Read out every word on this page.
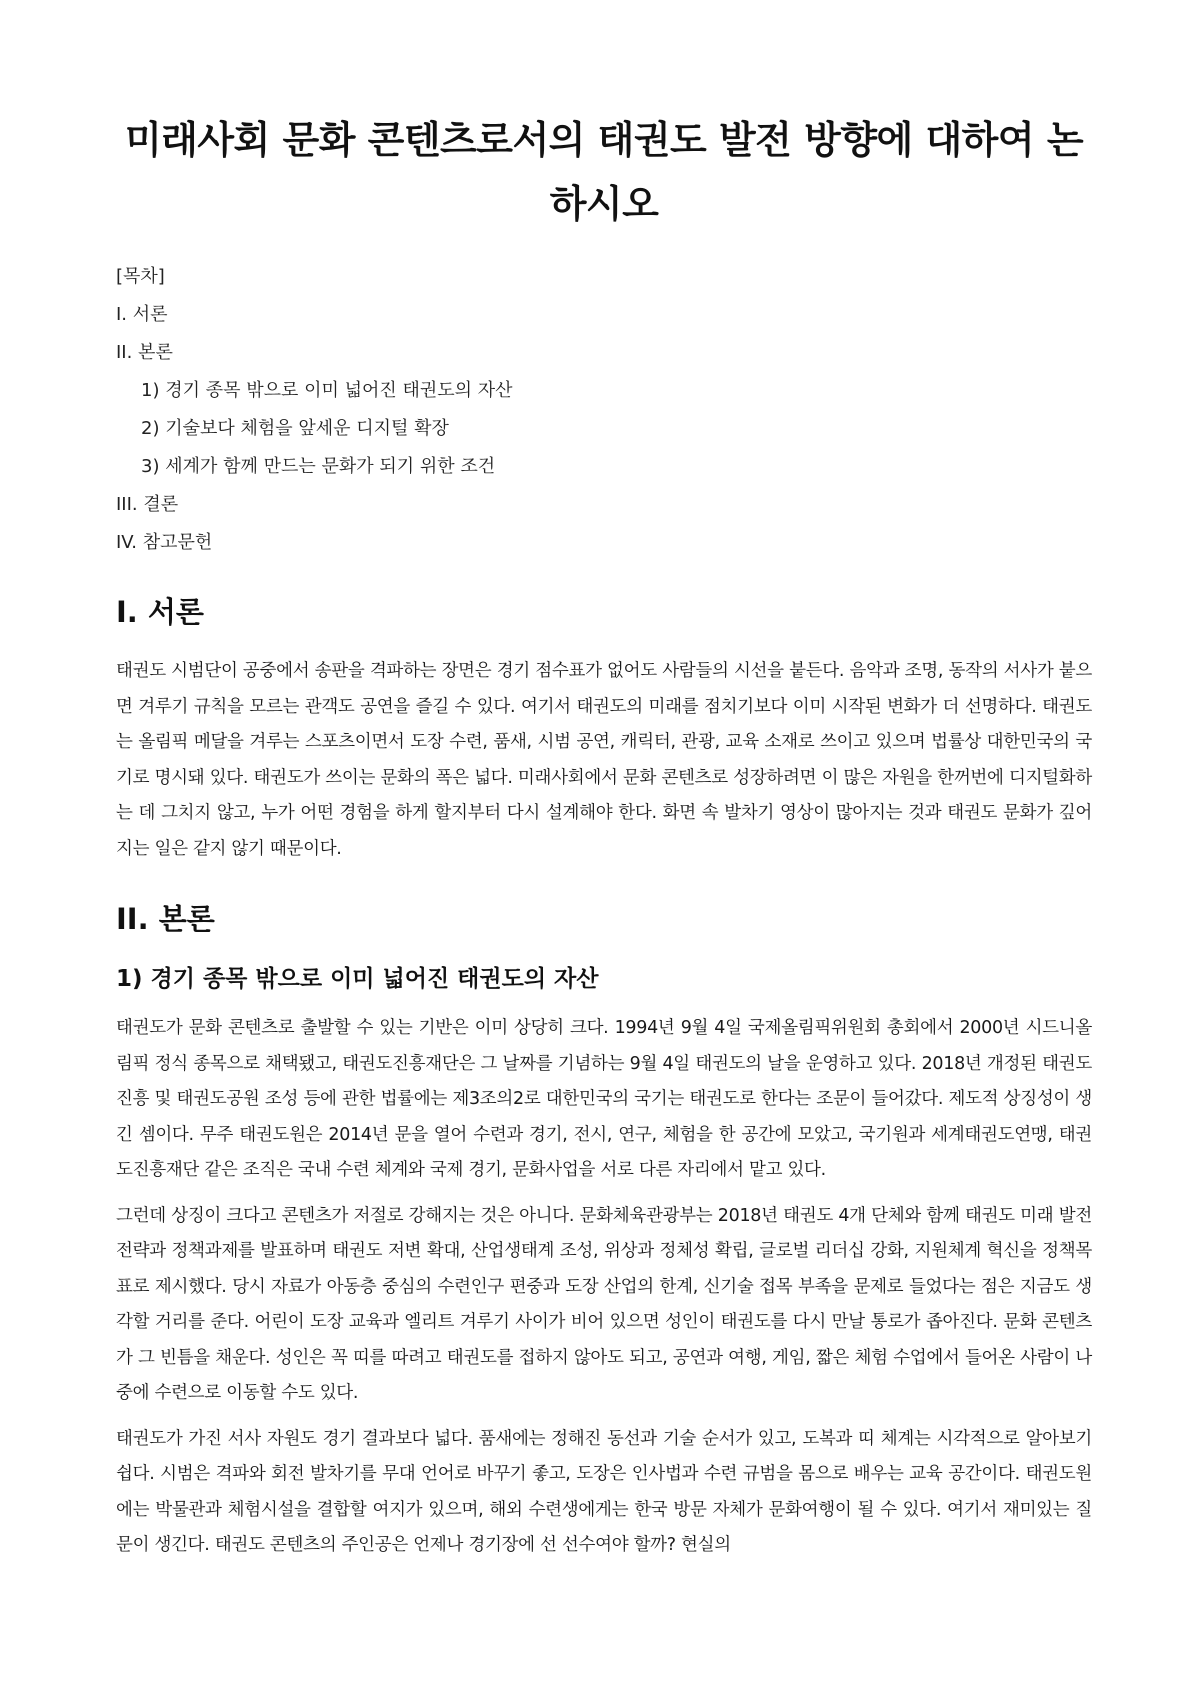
미래사회 문화 콘텐츠로서의 태권도 발전 방향에 대하여 논하시오
[목차]
I. 서론
II. 본론
1) 경기 종목 밖으로 이미 넓어진 태권도의 자산
2) 기술보다 체험을 앞세운 디지털 확장
3) 세계가 함께 만드는 문화가 되기 위한 조건
III. 결론
IV. 참고문헌
I. 서론

태권도 시범단이 공중에서 송판을 격파하는 장면은 경기 점수표가 없어도 사람들의 시선을 붙든다. 음악과 조명, 동작의 서사가 붙으면 겨루기 규칙을 모르는 관객도 공연을 즐길 수 있다. 여기서 태권도의 미래를 점치기보다 이미 시작된 변화가 더 선명하다. 태권도는 올림픽 메달을 겨루는 스포츠이면서 도장 수련, 품새, 시범 공연, 캐릭터, 관광, 교육 소재로 쓰이고 있으며 법률상 대한민국의 국기로 명시돼 있다. 태권도가 쓰이는 문화의 폭은 넓다. 미래사회에서 문화 콘텐츠로 성장하려면 이 많은 자원을 한꺼번에 디지털화하는 데 그치지 않고, 누가 어떤 경험을 하게 할지부터 다시 설계해야 한다. 화면 속 발차기 영상이 많아지는 것과 태권도 문화가 깊어지는 일은 같지 않기 때문이다.

II. 본론
1) 경기 종목 밖으로 이미 넓어진 태권도의 자산

태권도가 문화 콘텐츠로 출발할 수 있는 기반은 이미 상당히 크다. 1994년 9월 4일 국제올림픽위원회 총회에서 2000년 시드니올림픽 정식 종목으로 채택됐고, 태권도진흥재단은 그 날짜를 기념하는 9월 4일 태권도의 날을 운영하고 있다. 2018년 개정된 태권도 진흥 및 태권도공원 조성 등에 관한 법률에는 제3조의2로 대한민국의 국기는 태권도로 한다는 조문이 들어갔다. 제도적 상징성이 생긴 셈이다. 무주 태권도원은 2014년 문을 열어 수련과 경기, 전시, 연구, 체험을 한 공간에 모았고, 국기원과 세계태권도연맹, 태권도진흥재단 같은 조직은 국내 수련 체계와 국제 경기, 문화사업을 서로 다른 자리에서 맡고 있다.

그런데 상징이 크다고 콘텐츠가 저절로 강해지는 것은 아니다. 문화체육관광부는 2018년 태권도 4개 단체와 함께 태권도 미래 발전전략과 정책과제를 발표하며 태권도 저변 확대, 산업생태계 조성, 위상과 정체성 확립, 글로벌 리더십 강화, 지원체계 혁신을 정책목표로 제시했다. 당시 자료가 아동층 중심의 수련인구 편중과 도장 산업의 한계, 신기술 접목 부족을 문제로 들었다는 점은 지금도 생각할 거리를 준다. 어린이 도장 교육과 엘리트 겨루기 사이가 비어 있으면 성인이 태권도를 다시 만날 통로가 좁아진다. 문화 콘텐츠가 그 빈틈을 채운다. 성인은 꼭 띠를 따려고 태권도를 접하지 않아도 되고, 공연과 여행, 게임, 짧은 체험 수업에서 들어온 사람이 나중에 수련으로 이동할 수도 있다.

태권도가 가진 서사 자원도 경기 결과보다 넓다. 품새에는 정해진 동선과 기술 순서가 있고, 도복과 띠 체계는 시각적으로 알아보기 쉽다. 시범은 격파와 회전 발차기를 무대 언어로 바꾸기 좋고, 도장은 인사법과 수련 규범을 몸으로 배우는 교육 공간이다. 태권도원에는 박물관과 체험시설을 결합할 여지가 있으며, 해외 수련생에게는 한국 방문 자체가 문화여행이 될 수 있다. 여기서 재미있는 질문이 생긴다. 태권도 콘텐츠의 주인공은 언제나 경기장에 선 선수여야 할까? 현실의
